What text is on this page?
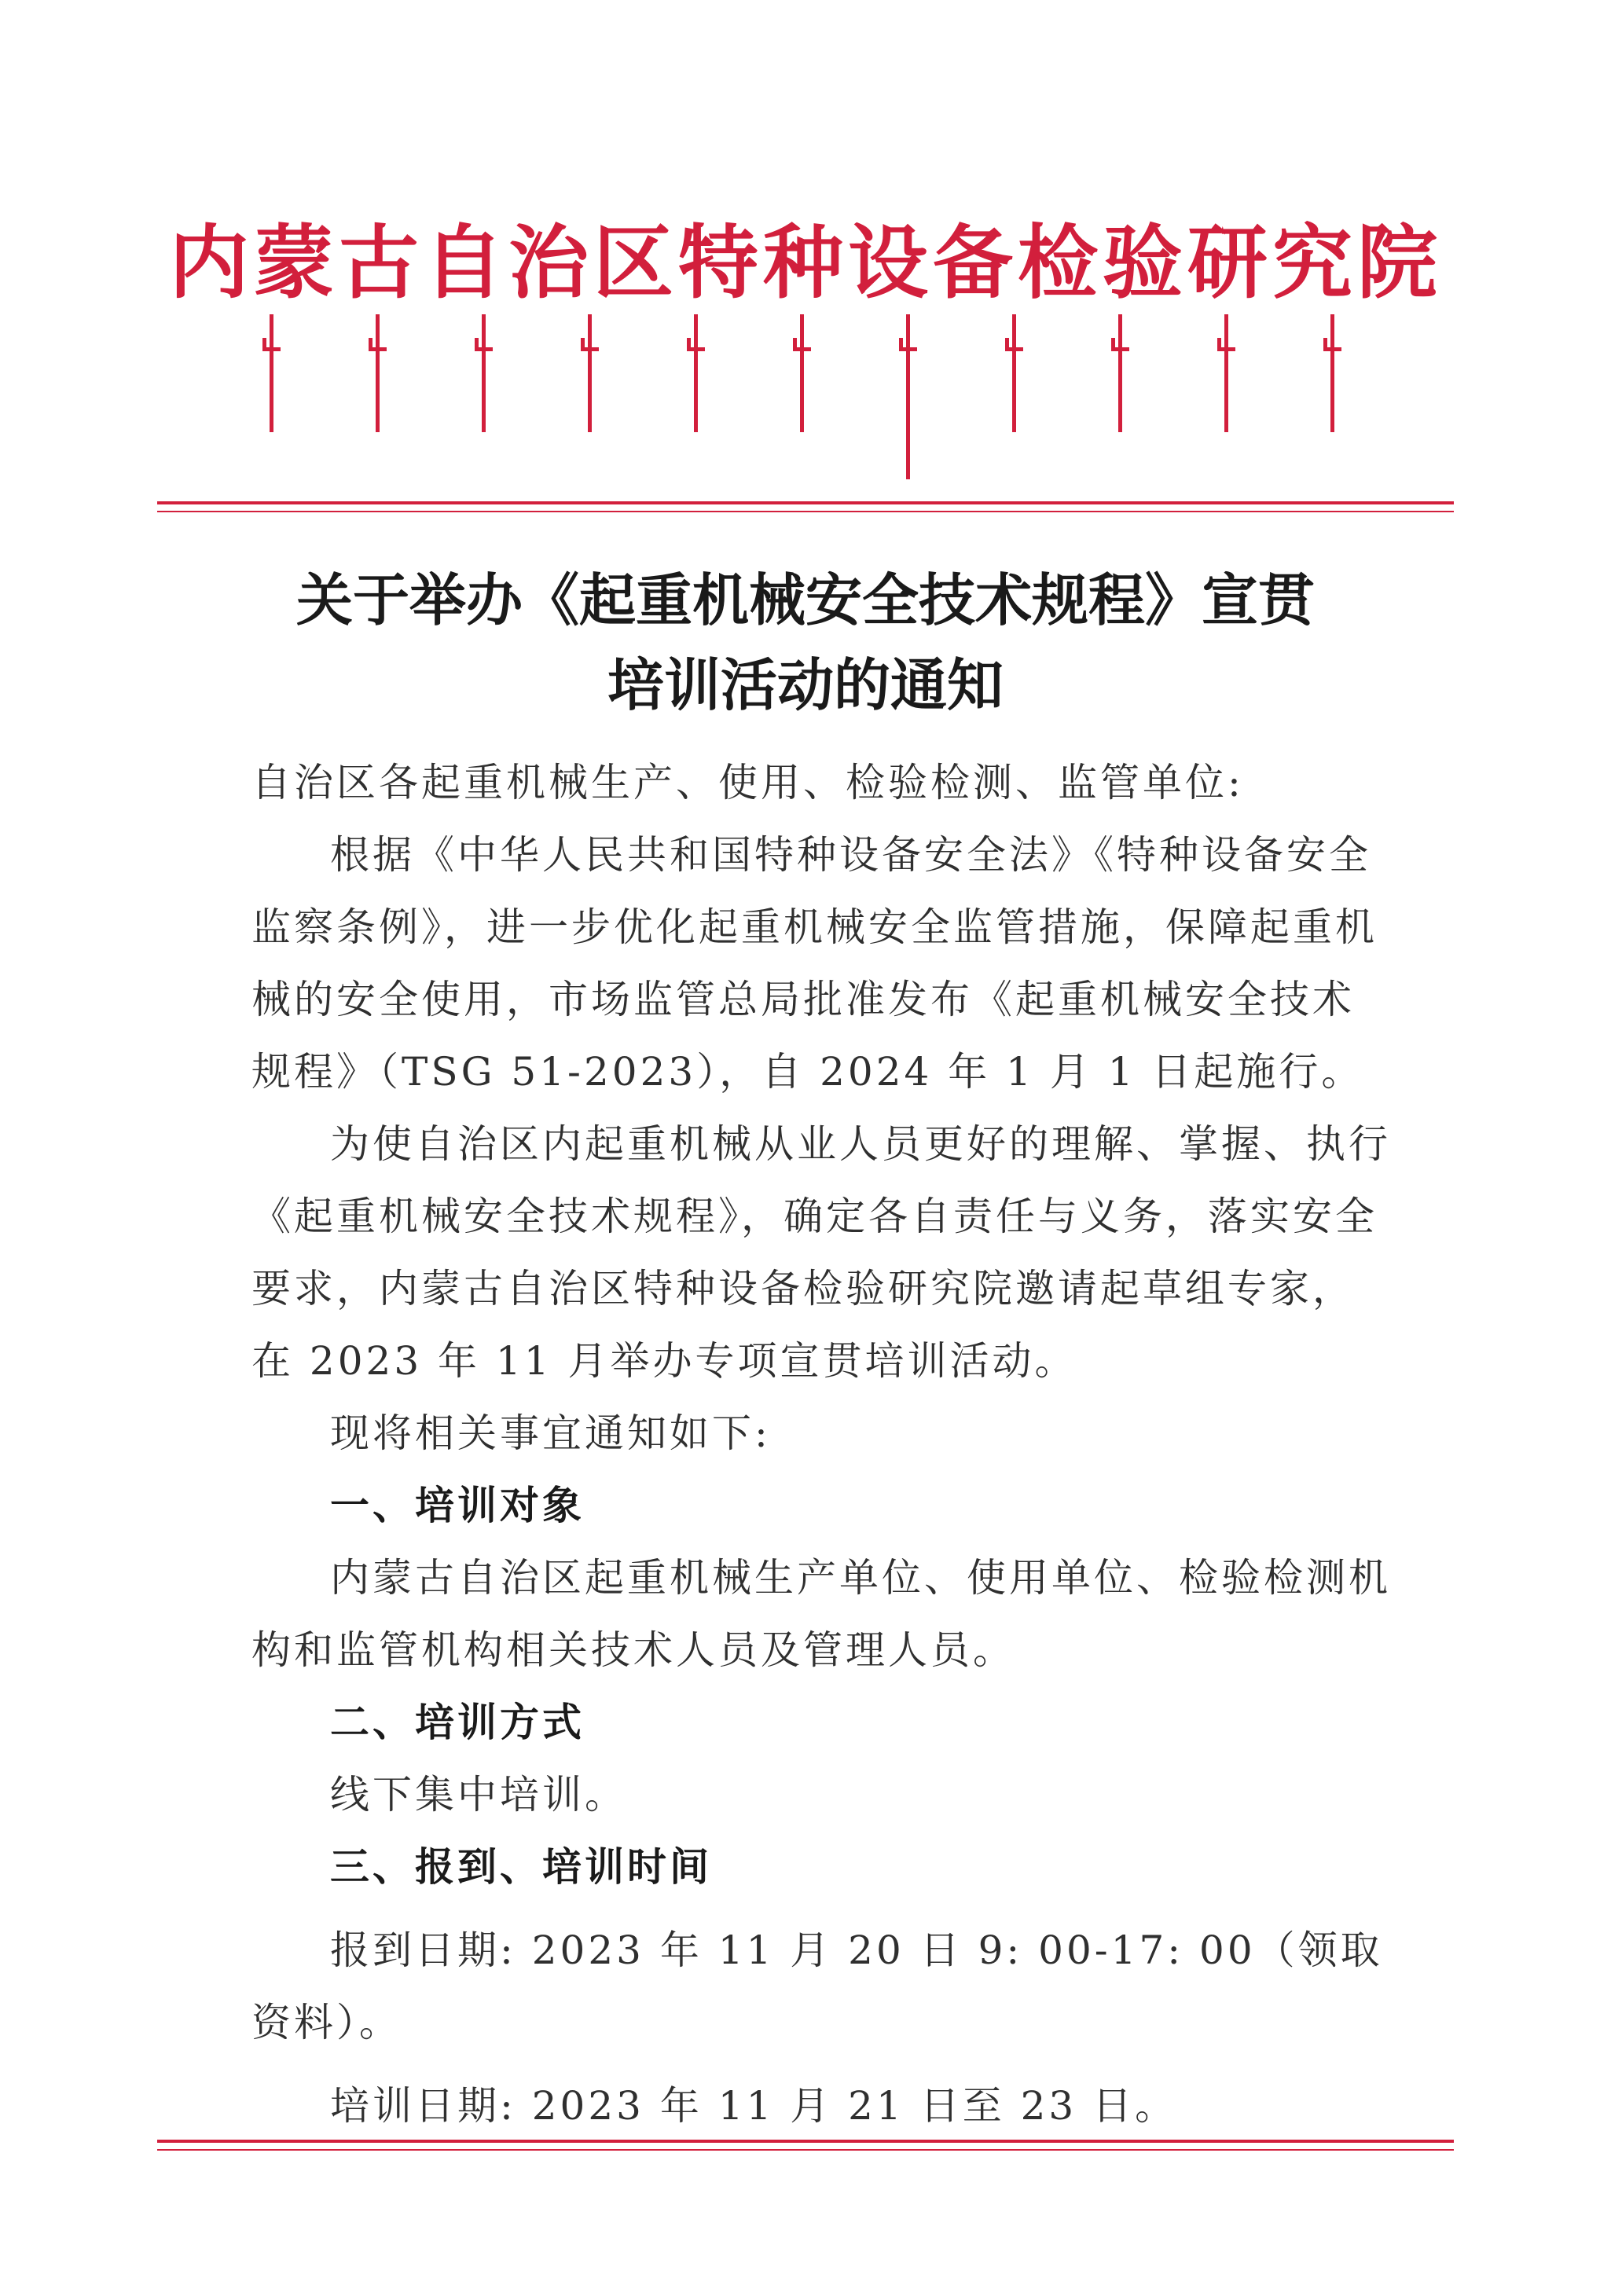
内蒙古自治区特种设备检验研究院
关于举办《起重机械安全技术规程》宣贯
培训活动的通知

自治区各起重机械生产、使用、检验检测、监管单位:

根据《中华人民共和国特种设备安全法》《特种设备安全监察条例》，进一步优化起重机械安全监管措施，保障起重机械的安全使用，市场监管总局批准发布《起重机械安全技术规程》（TSG 51-2023），自 2024 年 1 月 1 日起施行。

为使自治区内起重机械从业人员更好的理解、掌握、执行《起重机械安全技术规程》，确定各自责任与义务，落实安全要求，内蒙古自治区特种设备检验研究院邀请起草组专家，在 2023 年 11 月举办专项宣贯培训活动。

现将相关事宜通知如下:

一、培训对象

内蒙古自治区起重机械生产单位、使用单位、检验检测机构和监管机构相关技术人员及管理人员。

二、培训方式

线下集中培训。

三、报到、培训时间

报到日期: 2023 年 11 月 20 日 9: 00-17: 00（领取资料）。

培训日期: 2023 年 11 月 21 日至 23 日。
